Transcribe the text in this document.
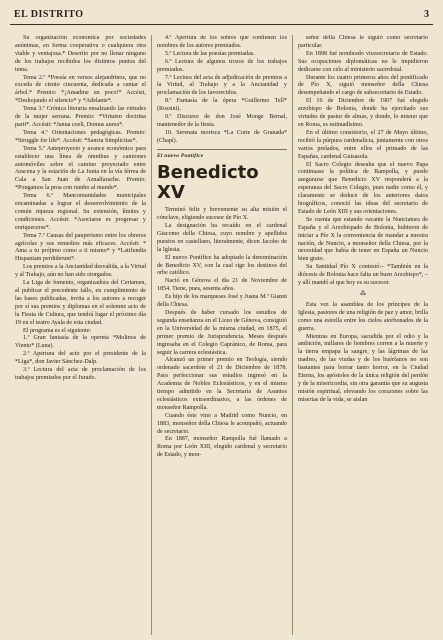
EL DISTRITO	3

Su organización económica por sociedades anónimas, en forma cooperativa o cualquiera otra viable y ventajosa.* Deseríto por no llenar ninguno de los trabajos recibidos los distintos puntos del tema.

Tema 2.º *Poesía en versos alejandrinos, que no exceda de ciento cincuenta, dedicada a cantar el árbol.* Premio: *¡Amadme un poco!* Accésit, *Deshojando el silencio* y *Adelante*.

Tema 3.º Crónica literaria ensalzando las virtudes de la mujer serrana. Premio: *Virtuten doctrina parit*. Accésit: *Janua coeli, Domus aurea*.

Tema 4.º Orientaciones pedagógicas. Premio: *Struggle for life*. Accésit: *Sancta Simplicitas*.

Tema 5.º Anteproyecto y avance económico para establecer una línea de ómnibus y camiones automóviles sobre el camino proyectado entre Aracena y la estación de La Junta en la vía férrea de Cala a San Juan de Aznalfarache. Premio: *Pongamos la proa con rumbo al mundo*.

Tema 6.º Mancomunidades municipales encaminadas a lograr el desenvolvimiento de la común riqueza regional. Su extensión, límites y condiciones. Accésit: *Asociarse es progresar y enriquecerse*.

Tema 7.º Causas del pauperismo entre los obreros agrícolas y sus remedios más eficaces. Accésit: * Ama a tu prójimo como a ti mismo* y *Latifundia Hispaniam perdiderunt*.

Los premios a la Ancianidad desvalida, a la Virtud y al Trabajo, aún no han sido otorgados.

La Liga de fomento, organizadora del Certamen, al publicar el precedente fallo, en cumplimiento de las bases publicadas, invita a los autores a recoger por sí sus premios y diplomas en el solemne acto de la Fiesta de Cultura, que tendrá lugar el próximo día 19 en el teatro Ayala de esta ciudad.

El programa es el siguiente:

1.º Gran fantasía de la opereta *Molinos de Viento* (Luna).

2.º Apertura del acto por el presidente de la *Liga*, don Javier Sánchez-Dalp.

3.º Lectura del acta de proclamación de los trabajos premiados por el Jurado.

4.º Apertura de los sobres que contienen los nombres de los autores premiados.

5.º Lectura de las poesías premiadas.

6.º Lectura de algunos trozos de los trabajos premiados.

7.º Lectura del acta de adjudicación de premios a la Virtud, al Trabajo y a la Ancianidad y proclamación de los favorecidos.

8.º Fantasía de la ópera *Guillermo Tell* (Rossini).

9.º Discurso de don José Monge Bernal, mantenedor de la fiesta.

10. Serenata morisca *La Corte de Granada* (Chapí).

El nuevo Pontífice
Benedicto XV

Terminó feliz y brevemente su alta misión el cónclave, eligiendo sucesor de Pío X.

La designación ha recaído en el cardenal Giacomo della Chiesa, cuyo nombre y apellidos puestos en castellano, literalmente, dicen Jacobo de la Iglesia.

El nuevo Pontífice ha adoptado la denominación de Benedicto XV, con la cual rige los destinos del orbe católico.

Nació en Génova el día 21 de Noviembre de 1854. Tiene, pues, sesenta años.

Es hijo de los marqueses José y Juana M.ª Gianni della Chiesa.

Después de haber cursado los estudios de segunda enseñanza en el Liceo de Génova, consiguió en la Universidad de la misma ciudad, en 1875, el primer premio de Jurisprudencia. Meses después ingresaba en el Colegio Capránico, de Roma, para seguir la carrera eclesiástica.

Alcanzó un primer premio en Teología, siendo ordenado sacerdote el 21 de Diciembre de 1878. Para perfeccionar sus estudios ingresó en la Academia de Nobles Eclesiásticos, y en el mismo tiempo admitido en la Secretaría de Asuntos eclesiásticos extraordinarios, a las órdenes de monseñor Rampolla.

Cuando éste vino a Madrid como Nuncio, en 1883, monseñor della Chiesa le acompañó, actuando de secretario.

En 1887, monseñor Rampolla fué llamado a Roma por León XIII, elegido cardenal y secretario de Estado, y mon-

señor della Chiesa le siguió como secretario particular.

En 1898 fué nombrado vicesecretario de Estado. Sus ocupaciones diplomáticas no le impidieron dedicarse con celo al ministerio sacerdotal.

Durante los cuatro primeros años del pontificado de Pío X, siguió monseñor della Chiesa desempeñando el cargo de subsecretario de Estado.

El 16 de Diciembre de 1907 fué elegido arzobispo de Bolonia, donde ha ejercitado sus virtudes de pastor de almas, y donde, lo mismo que en Roma, es estimadísimo.

En el último consistorio, el 27 de Mayo último, recibió la púrpura cardenalicia, juntamente con otros varios prelados, entre ellos el primado de las Españas, cardenal Guisasola.

El Sacro Colegio deseaba que el nuevo Papa continuase la política de Rampolla, y puede asegurarse que Benedicto XV responderá a la esperanza del Sacro Colegio, pues nadie como él, y claramente se deduce de los anteriores datos biográficos, conoció las ideas del secretario de Estado de León XIII y sus orientaciones.

Se cuenta que estando vacante la Nunciatura de España y el Arzobispado de Bolonia, hubieron de iniciar a Pío X la conveniencia de mandar a nuestra nación, de Nuncio, a monseñor della Chiesa, por la necesidad que había de tener en España un Nuncio bien grato.

Su Santidad Pío X contestó:– *También en la diócesis de Bolonia hace falta un buen Arzobispo*, – y allí mandó al que hoy es su sucesor.

⁂

Esta vez la asamblea de los príncipes de la Iglesia, pastores de una religión de paz y amor, brilla como una estrella entre los cielos atorbonados de la guerra.

Mientras en Europa, sacudida por el odio y la ambición, millares de hombres corren a la muerte y la tierra empapa la sangre, y las lágrimas de las madres, de las viudas y de los huérfanos no son bastantes para borrar tanto horror, en la Ciudad Eterna, los apóstoles de la única religión del perdón y de la misericordia, sin otra garantía que su augusta misión espiritual, elevando los corazones sobre las miserias de la vida, se aislan
